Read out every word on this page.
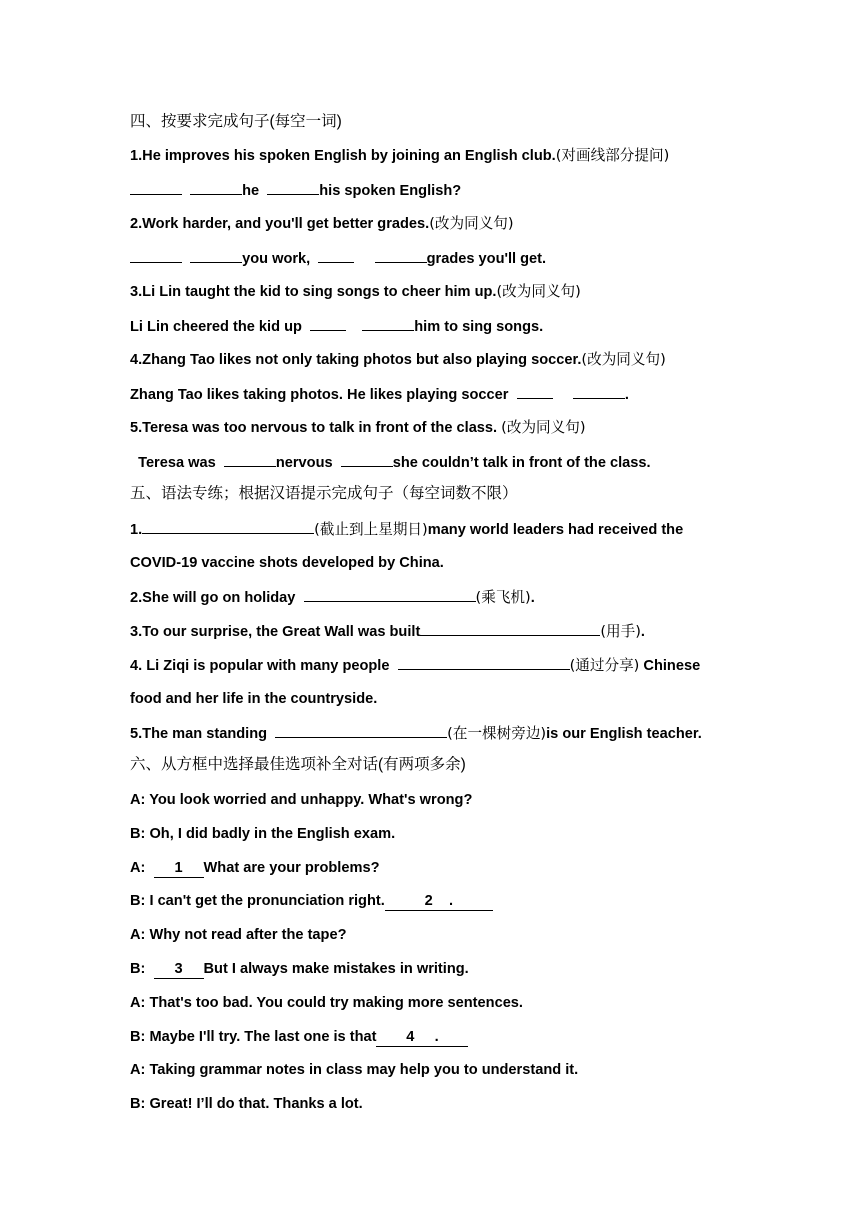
四、按要求完成句子(每空一词)
1.He improves his spoken English by joining an English club.(对画线部分提问)
he	his spoken English?
2.Work harder, and you'll get better grades.(改为同义句)
you work,	grades you'll get.
3.Li Lin taught the kid to sing songs to cheer him up.(改为同义句)
Li Lin cheered the kid up	him to sing songs.
4.Zhang Tao likes not only taking photos but also playing soccer.(改为同义句)
Zhang Tao likes taking photos. He likes playing soccer	.
5.Teresa was too nervous to talk in front of the class. (改为同义句)
Teresa was	nervous	she couldn’t talk in front of the class.
五、语法专练；根据汉语提示完成句子（每空词数不限）
1.	(截止到上星期日)many world leaders had received the
COVID-19 vaccine shots developed by China.
2.She will go on holiday	(乘飞机).
3.To our surprise, the Great Wall was built	(用手).
4. Li Ziqi is popular with many people	(通过分享) Chinese
food and her life in the countryside.
5.The man standing	(在一棵树旁边)is our English teacher.
六、从方框中选择最佳选项补全对话(有两项多余)
A: You look worried and unhappy. What's wrong?
B: Oh, I did badly in the English exam.
A: 1 What are your problems?
B: I can't get the pronunciation right.	2 .
A: Why not read after the tape?
B: 3 But I always make mistakes in writing.
A: That's too bad. You could try making more sentences.
B: Maybe I'll try. The last one is that 4 .
A: Taking grammar notes in class may help you to understand it.
B: Great! I’ll do that. Thanks a lot.
